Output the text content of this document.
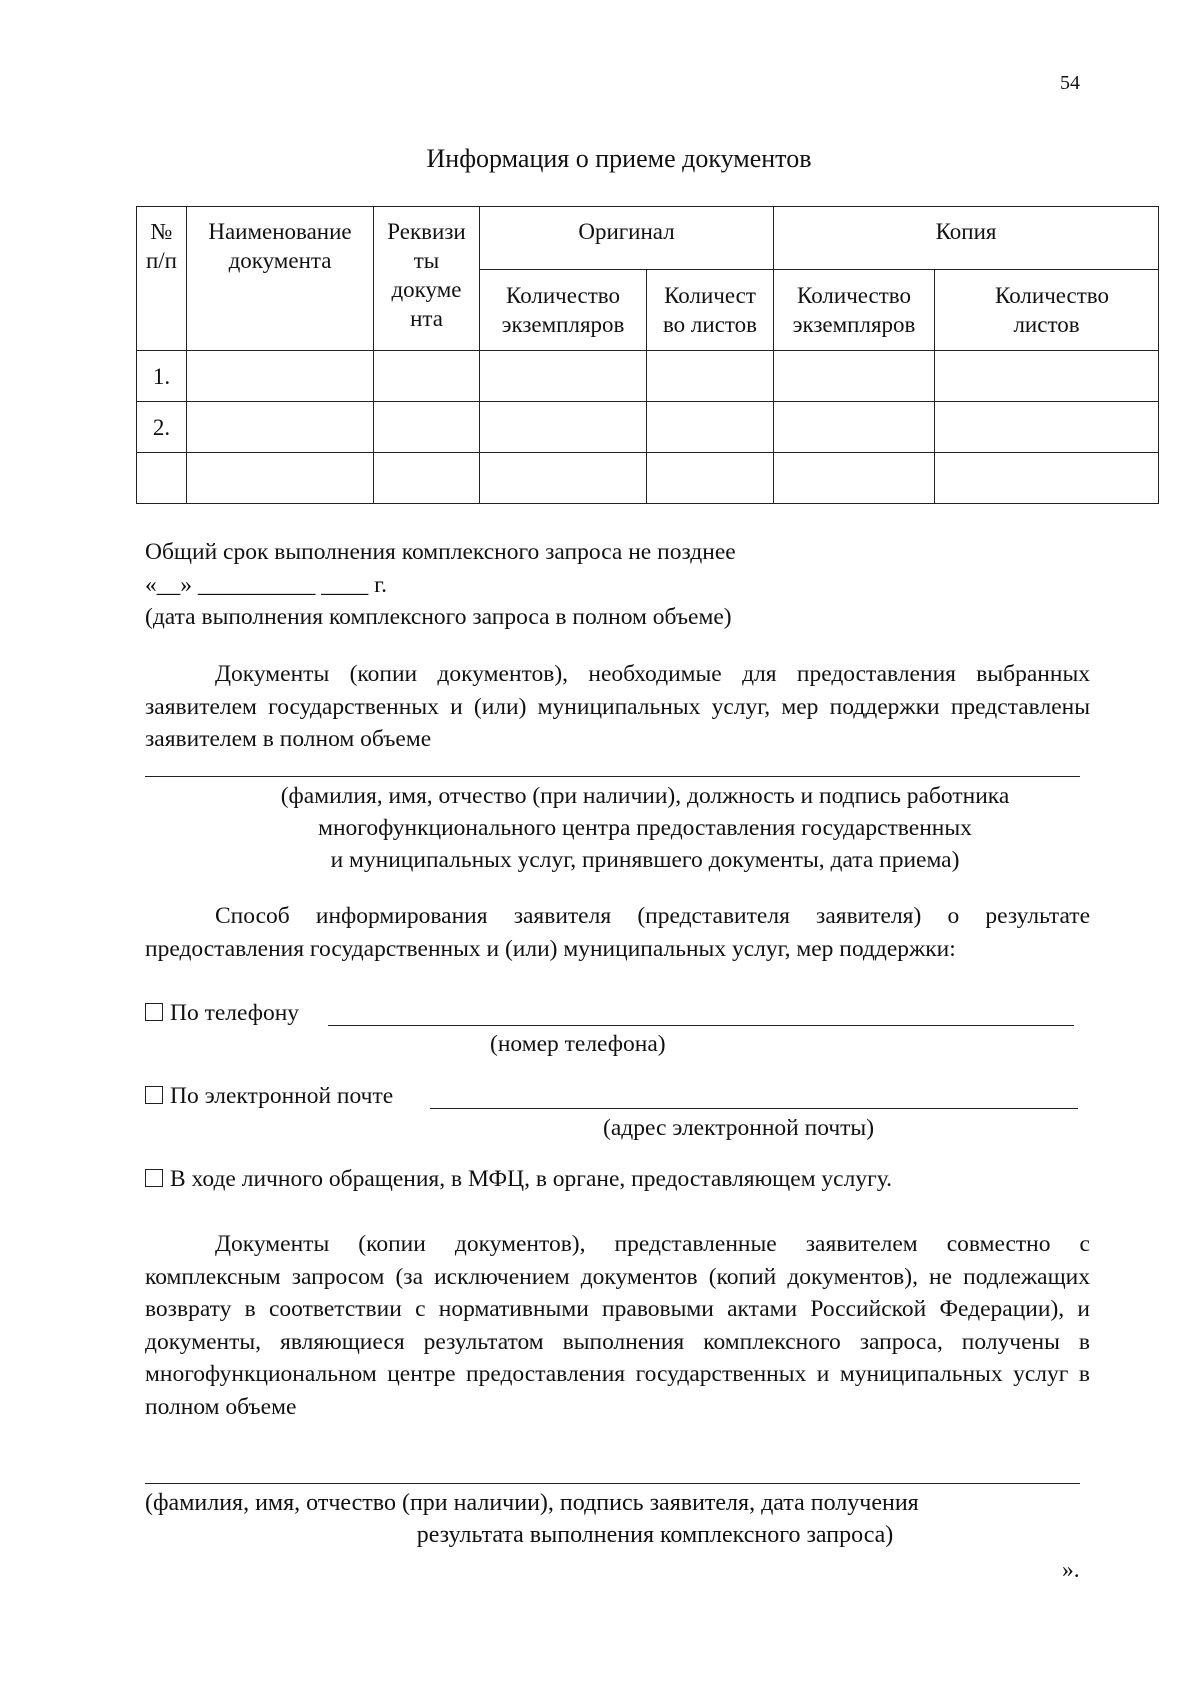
54
Информация о приеме документов
№ п/п	Наименование документа	Реквизи ты докуме нта	Оригинал		Копия	
			Количество экземпляров	Количест во листов	Количество экземпляров	Количество листов
1.						
2.						

Общий срок выполнения комплексного запроса не позднее
«__» __________ ____ г.
(дата выполнения комплексного запроса в полном объеме)
Документы (копии документов), необходимые для предоставления выбранных заявителем государственных и (или) муниципальных услуг, мер поддержки представлены заявителем в полном объеме
(фамилия, имя, отчество (при наличии), должность и подпись работника
многофункционального центра предоставления государственных
и муниципальных услуг, принявшего документы, дата приема)
Способ информирования заявителя (представителя заявителя) о результате предоставления государственных и (или) муниципальных услуг, мер поддержки:
По телефону
(номер телефона)
По электронной почте
(адрес электронной почты)
В ходе личного обращения, в МФЦ, в органе, предоставляющем услугу.
Документы (копии документов), представленные заявителем совместно с комплексным запросом (за исключением документов (копий документов), не подлежащих возврату в соответствии с нормативными правовыми актами Российской Федерации), и документы, являющиеся результатом выполнения комплексного запроса, получены в многофункциональном центре предоставления государственных и муниципальных услуг в полном объеме
(фамилия, имя, отчество (при наличии), подпись заявителя, дата получения
результата выполнения комплексного запроса)
».
